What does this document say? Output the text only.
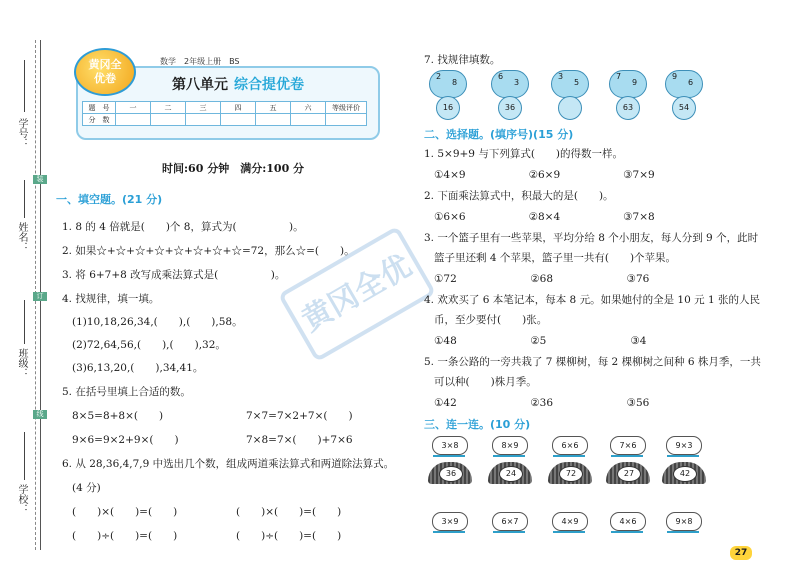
学号：
装
姓名：
订
班级：
线
学校：
黄冈全优卷
数学　2年级上册　BS
第八单元 综合提优卷
题　号	一	二	三	四	五	六	等级评价
分　数							
时间:60 分钟　满分:100 分
一、填空题。(21 分)
1. 8 的 4 倍就是(　　)个 8，算式为(　　　　　)。
2. 如果☆+☆+☆+☆+☆+☆+☆+☆=72，那么☆=(　　)。
3. 将 6+7+8 改写成乘法算式是(　　　　　)。
4. 找规律，填一填。
(1)10,18,26,34,(　　),(　　),58。
(2)72,64,56,(　　),(　　),32。
(3)6,13,20,(　　),34,41。
5. 在括号里填上合适的数。
8×5=8+8×(　　)	7×7=7×2+7×(　　)
9×6=9×2+9×(　　)	7×8=7×(　　)+7×6
6. 从 28,36,4,7,9 中选出几个数，组成两道乘法算式和两道除法算式。
(4 分)
(　　)×(　　)=(　　)	(　　)×(　　)=(　　)
(　　)÷(　　)=(　　)	(　　)÷(　　)=(　　)
黄冈全优
7. 找规律填数。
2
8
16
6
3
36
3
5
7
9
63
9
6
54
二、选择题。(填序号)(15 分)
1. 5×9+9 与下列算式(　　)的得数一样。
①4×9　　　　　　②6×9　　　　　　③7×9
2. 下面乘法算式中，积最大的是(　　)。
①6×6　　　　　　②8×4　　　　　　③7×8
3. 一个篮子里有一些苹果，平均分给 8 个小朋友，每人分到 9 个，此时
篮子里还剩 4 个苹果，篮子里一共有(　　)个苹果。
①72　　　　　　　②68　　　　　　　③76
4. 欢欢买了 6 本笔记本，每本 8 元。如果她付的全是 10 元 1 张的人民
币，至少要付(　　)张。
①48　　　　　　　②5　　　　　　　　③4
5. 一条公路的一旁共栽了 7 棵柳树，每 2 棵柳树之间种 6 株月季，一共
可以种(　　)株月季。
①42　　　　　　　②36　　　　　　　③56
三、连一连。(10 分)
3×8	8×9	6×6	7×6	9×3
36	24	72	27	42
3×9	6×7	4×9	4×6	9×8
27
